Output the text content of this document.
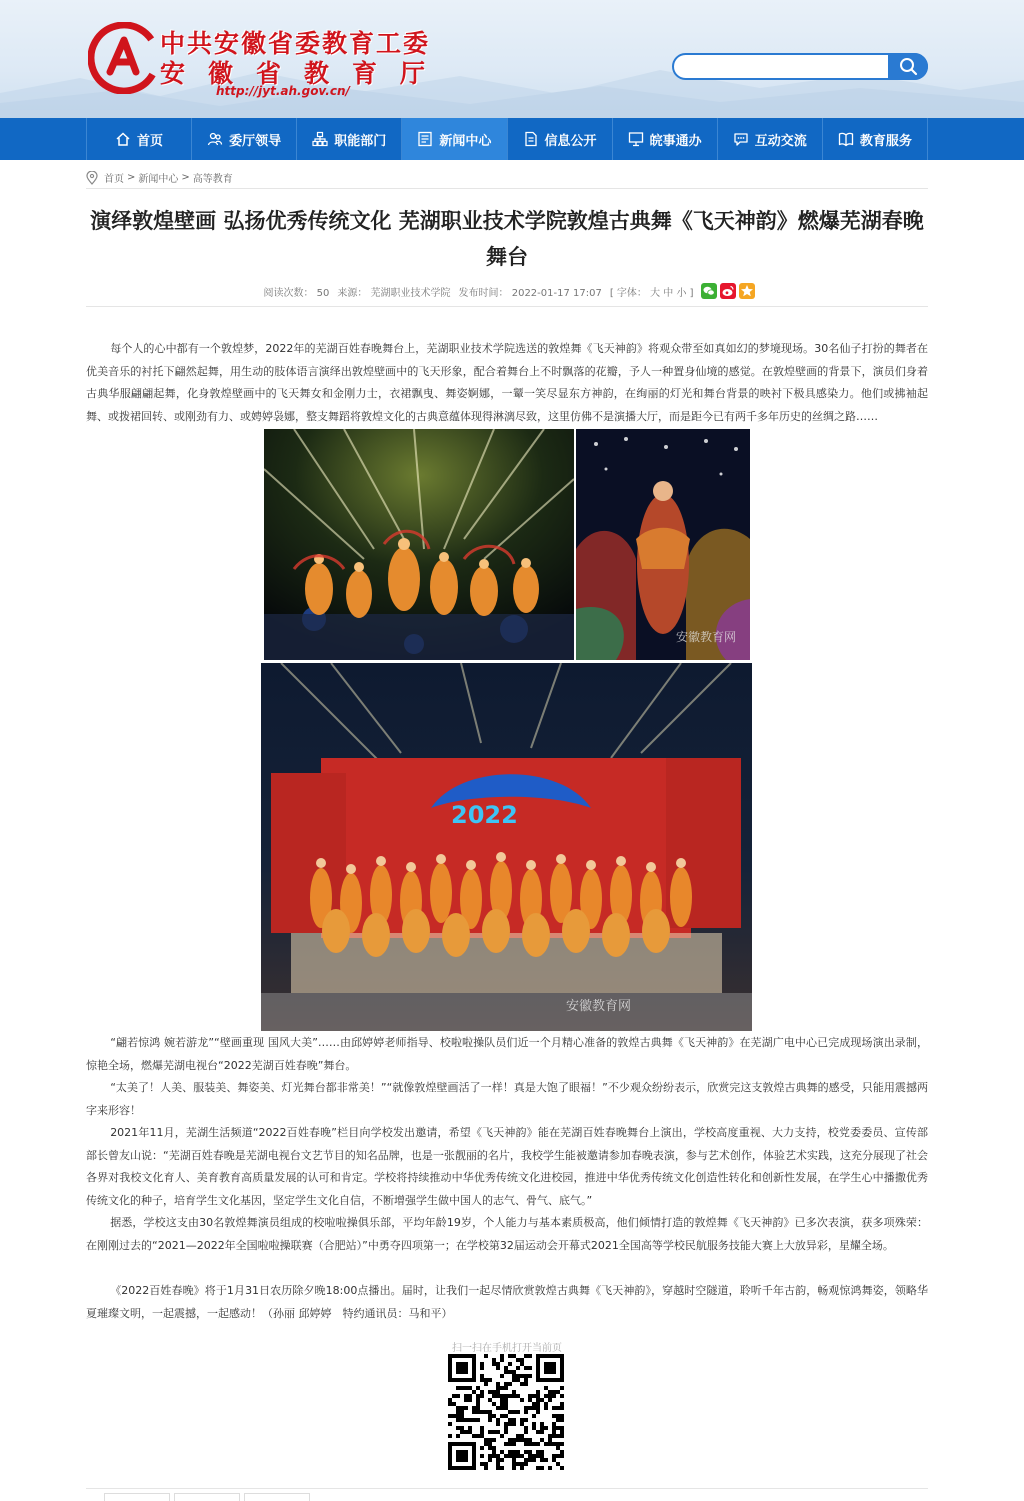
中共安徽省委教育工委
安徽省教育厅
http://jyt.ah.gov.cn/
首页	委厅领导	职能部门	新闻中心	信息公开	皖事通办	互动交流	教育服务
首页 > 新闻中心 > 高等教育
演绎敦煌壁画 弘扬优秀传统文化 芜湖职业技术学院敦煌古典舞《飞天神韵》燃爆芜湖春晚舞台
阅读次数： 50 来源： 芜湖职业技术学院 发布时间： 2022-01-17 17:07 [ 字体： 大 中 小 ]

每个人的心中都有一个敦煌梦，2022年的芜湖百姓春晚舞台上，芜湖职业技术学院选送的敦煌舞《飞天神韵》将观众带至如真如幻的梦境现场。30名仙子打扮的舞者在优美音乐的衬托下翩然起舞，用生动的肢体语言演绎出敦煌壁画中的飞天形象，配合着舞台上不时飘落的花瓣，予人一种置身仙境的感觉。在敦煌壁画的背景下，演员们身着古典华服翩翩起舞，化身敦煌壁画中的飞天舞女和金刚力士，衣裙飘曳、舞姿婀娜，一颦一笑尽显东方神韵，在绚丽的灯光和舞台背景的映衬下极具感染力。他们或拂袖起舞、或拨裙回转、或刚劲有力、或娉婷袅娜，整支舞蹈将敦煌文化的古典意蕴体现得淋漓尽致，这里仿佛不是演播大厅，而是距今已有两千多年历史的丝绸之路……

安徽教育网
2022
安徽教育网

“翩若惊鸿 婉若游龙”“壁画重现 国风大美”……由邱婷婷老师指导、校啦啦操队员们近一个月精心准备的敦煌古典舞《飞天神韵》在芜湖广电中心已完成现场演出录制，惊艳全场，燃爆芜湖电视台“2022芜湖百姓春晚”舞台。

“太美了！人美、服装美、舞姿美、灯光舞台都非常美！”“就像敦煌壁画活了一样！真是大饱了眼福！”不少观众纷纷表示，欣赏完这支敦煌古典舞的感受，只能用震撼两字来形容！

2021年11月，芜湖生活频道“2022百姓春晚”栏目向学校发出邀请，希望《飞天神韵》能在芜湖百姓春晚舞台上演出，学校高度重视、大力支持，校党委委员、宣传部部长曾友山说：“芜湖百姓春晚是芜湖电视台文艺节目的知名品牌，也是一张靓丽的名片，我校学生能被邀请参加春晚表演，参与艺术创作，体验艺术实践，这充分展现了社会各界对我校文化育人、美育教育高质量发展的认可和肯定。学校将持续推动中华优秀传统文化进校园，推进中华优秀传统文化创造性转化和创新性发展，在学生心中播撒优秀传统文化的种子，培育学生文化基因，坚定学生文化自信，不断增强学生做中国人的志气、骨气、底气。”

据悉，学校这支由30名敦煌舞演员组成的校啦啦操俱乐部，平均年龄19岁，个人能力与基本素质极高，他们倾情打造的敦煌舞《飞天神韵》已多次表演，获多项殊荣：在刚刚过去的“2021—2022年全国啦啦操联赛（合肥站）”中勇夺四项第一；在学校第32届运动会开幕式2021全国高等学校民航服务技能大赛上大放异彩，星耀全场。

《2022百姓春晚》将于1月31日农历除夕晚18:00点播出。届时，让我们一起尽情欣赏敦煌古典舞《飞天神韵》，穿越时空隧道，聆听千年古韵，畅观惊鸿舞姿，领略华夏璀璨文明，一起震撼，一起感动！（孙丽 邱婷婷　特约通讯员：马和平）

扫一扫在手机打开当前页
